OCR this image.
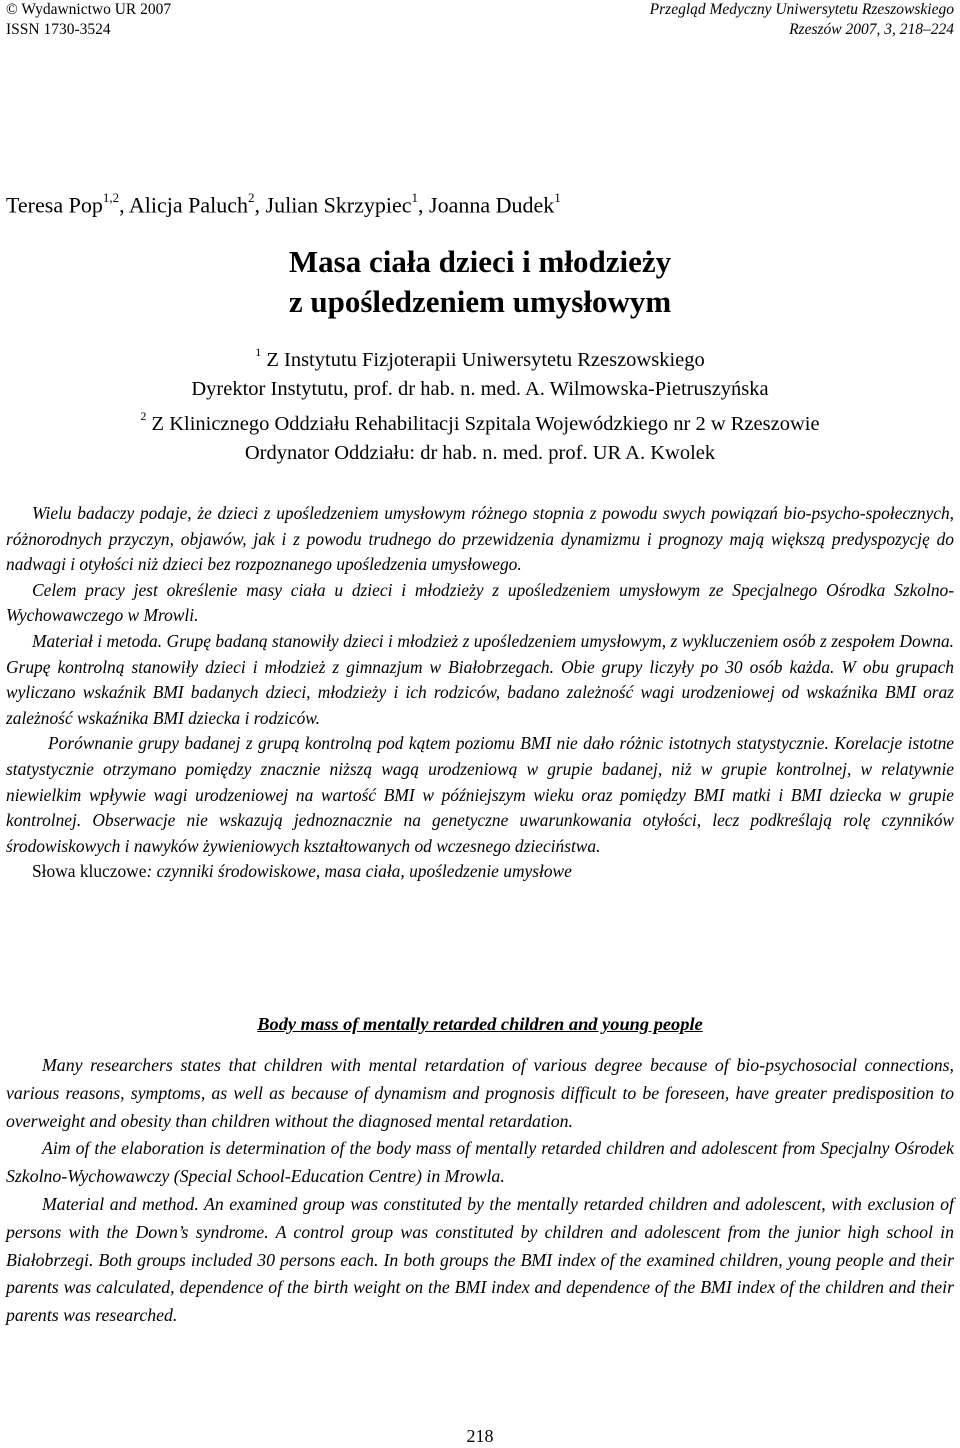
© Wydawnictwo UR 2007
ISSN 1730-3524
Przegląd Medyczny Uniwersytetu Rzeszowskiego
Rzeszów 2007, 3, 218–224
Teresa Pop$^{1,2}$, Alicja Paluch$^2$, Julian Skrzypiec$^1$, Joanna Dudek$^1$
Masa ciała dzieci i młodzieży
z upośledzeniem umysłowym
$^1$ Z Instytutu Fizjoterapii Uniwersytetu Rzeszowskiego
Dyrektor Instytutu, prof. dr hab. n. med. A. Wilmowska-Pietruszyńska
$^2$ Z Klinicznego Oddziału Rehabilitacji Szpitala Wojewódzkiego nr 2 w Rzeszowie
Ordynator Oddziału: dr hab. n. med. prof. UR A. Kwolek

Wielu badaczy podaje, że dzieci z upośledzeniem umysłowym różnego stopnia z powodu swych powiązań bio-psycho-społecznych, różnorodnych przyczyn, objawów, jak i z powodu trudnego do przewidzenia dynamizmu i prognozy mają większą predyspozycję do nadwagi i otyłości niż dzieci bez rozpoznanego upośledzenia umysłowego.

Celem pracy jest określenie masy ciała u dzieci i młodzieży z upośledzeniem umysłowym ze Specjalnego Ośrodka Szkolno-Wychowawczego w Mrowli.

Materiał i metoda. Grupę badaną stanowiły dzieci i młodzież z upośledzeniem umysłowym, z wykluczeniem osób z zespołem Downa. Grupę kontrolną stanowiły dzieci i młodzież z gimnazjum w Białobrzegach. Obie grupy liczyły po 30 osób każda. W obu grupach wyliczano wskaźnik BMI badanych dzieci, młodzieży i ich rodziców, badano zależność wagi urodzeniowej od wskaźnika BMI oraz zależność wskaźnika BMI dziecka i rodziców.

Porównanie grupy badanej z grupą kontrolną pod kątem poziomu BMI nie dało różnic istotnych statystycznie. Korelacje istotne statystycznie otrzymano pomiędzy znacznie niższą wagą urodzeniową w grupie badanej, niż w grupie kontrolnej, w relatywnie niewielkim wpływie wagi urodzeniowej na wartość BMI w późniejszym wieku oraz pomiędzy BMI matki i BMI dziecka w grupie kontrolnej. Obserwacje nie wskazują jednoznacznie na genetyczne uwarunkowania otyłości, lecz podkreślają rolę czynników środowiskowych i nawyków żywieniowych kształtowanych od wczesnego dzieciństwa.

Słowa kluczowe: czynniki środowiskowe, masa ciała, upośledzenie umysłowe

Body mass of mentally retarded children and young people

Many researchers states that children with mental retardation of various degree because of bio-psychosocial connections, various reasons, symptoms, as well as because of dynamism and prognosis difficult to be foreseen, have greater predisposition to overweight and obesity than children without the diagnosed mental retardation.

Aim of the elaboration is determination of the body mass of mentally retarded children and adolescent from Specjalny Ośrodek Szkolno-Wychowawczy (Special School-Education Centre) in Mrowla.

Material and method. An examined group was constituted by the mentally retarded children and adolescent, with exclusion of persons with the Down’s syndrome. A control group was constituted by children and adolescent from the junior high school in Białobrzegi. Both groups included 30 persons each. In both groups the BMI index of the examined children, young people and their parents was calculated, dependence of the birth weight on the BMI index and dependence of the BMI index of the children and their parents was researched.

218
